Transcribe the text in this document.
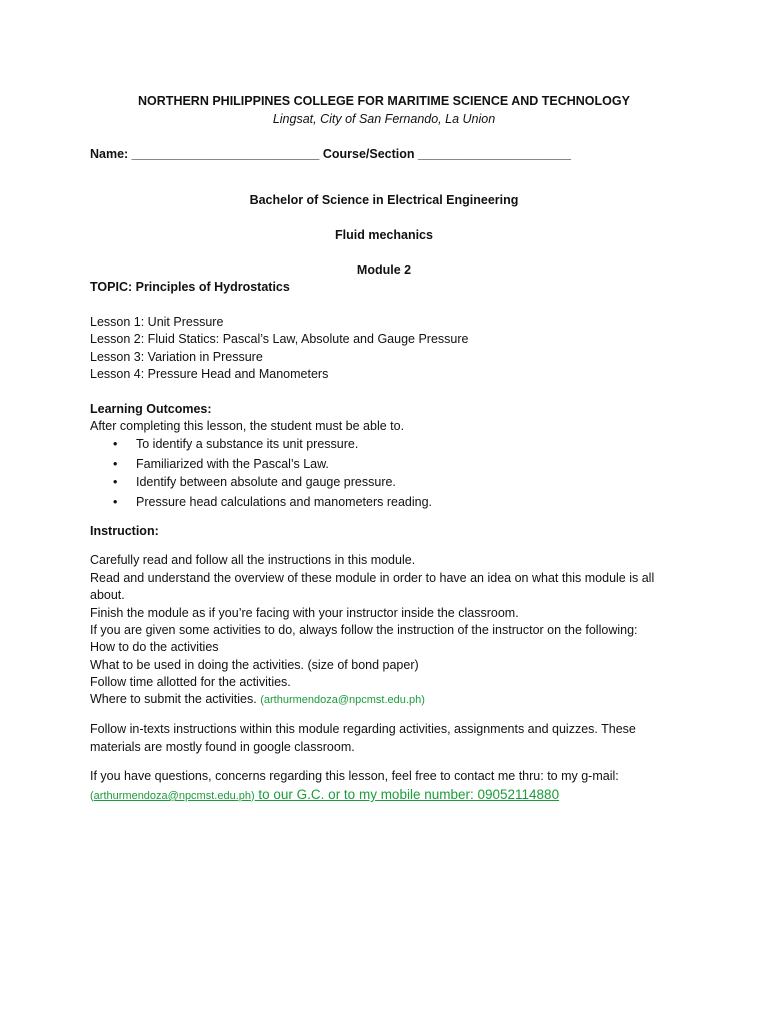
NORTHERN PHILIPPINES COLLEGE FOR MARITIME SCIENCE AND TECHNOLOGY
Lingsat, City of San Fernando, La Union
Name: ___________________________ Course/Section ______________________
Bachelor of Science in Electrical Engineering
Fluid mechanics
Module 2
TOPIC: Principles of Hydrostatics
Lesson 1: Unit Pressure
Lesson 2: Fluid Statics: Pascal’s Law, Absolute and Gauge Pressure
Lesson 3: Variation in Pressure
Lesson 4: Pressure Head and Manometers
Learning Outcomes:
After completing this lesson, the student must be able to.
• To identify a substance its unit pressure.
• Familiarized with the Pascal’s Law.
• Identify between absolute and gauge pressure.
• Pressure head calculations and manometers reading.
Instruction:
Carefully read and follow all the instructions in this module.
Read and understand the overview of these module in order to have an idea on what this module is all
about.
Finish the module as if you’re facing with your instructor inside the classroom.
If you are given some activities to do, always follow the instruction of the instructor on the following:
How to do the activities
What to be used in doing the activities. (size of bond paper)
Follow time allotted for the activities.
Where to submit the activities. (arthurmendoza@npcmst.edu.ph)
Follow in-texts instructions within this module regarding activities, assignments and quizzes. These
materials are mostly found in google classroom.
If you have questions, concerns regarding this lesson, feel free to contact me thru: to my g-mail:
(arthurmendoza@npcmst.edu.ph) to our G.C. or to my mobile number: 09052114880
